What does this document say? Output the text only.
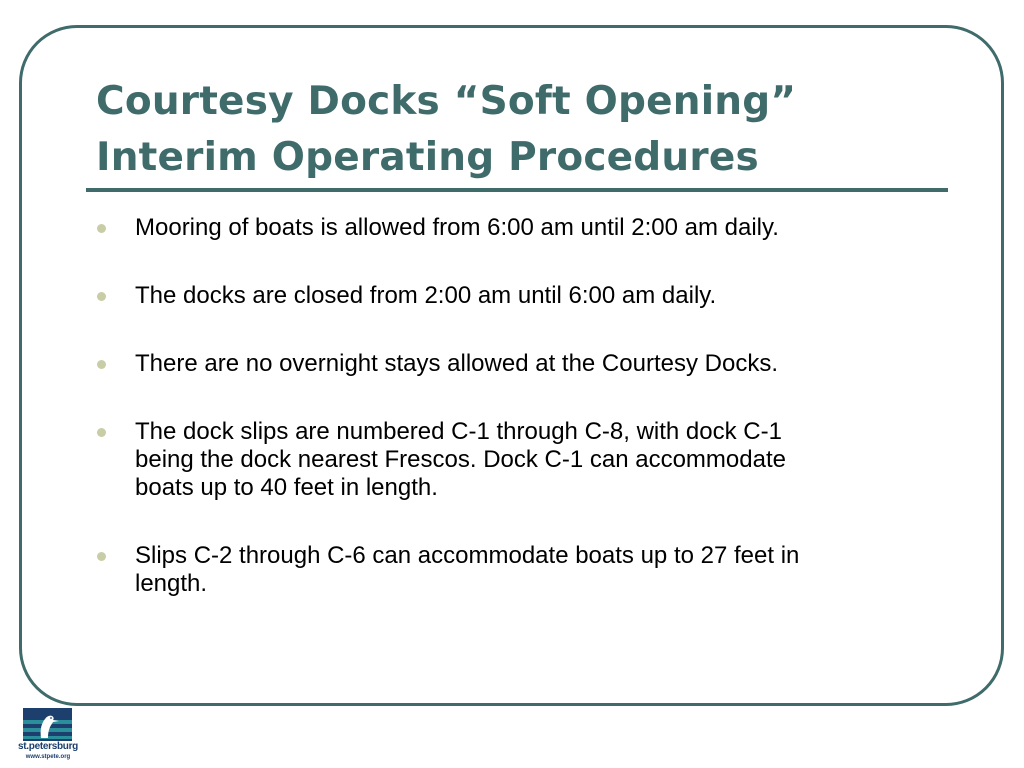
Courtesy Docks “Soft Opening”
Interim Operating Procedures
Mooring of boats is allowed from 6:00 am until 2:00 am daily.
The docks are closed from 2:00 am until 6:00 am daily.
There are no overnight stays allowed at the Courtesy Docks.
The dock slips are numbered C-1 through C-8, with dock C-1
being the dock nearest Frescos. Dock C-1 can accommodate
boats up to 40 feet in length.
Slips C-2 through C-6 can accommodate boats up to 27 feet in
length.
st.petersburg
www.stpete.org
